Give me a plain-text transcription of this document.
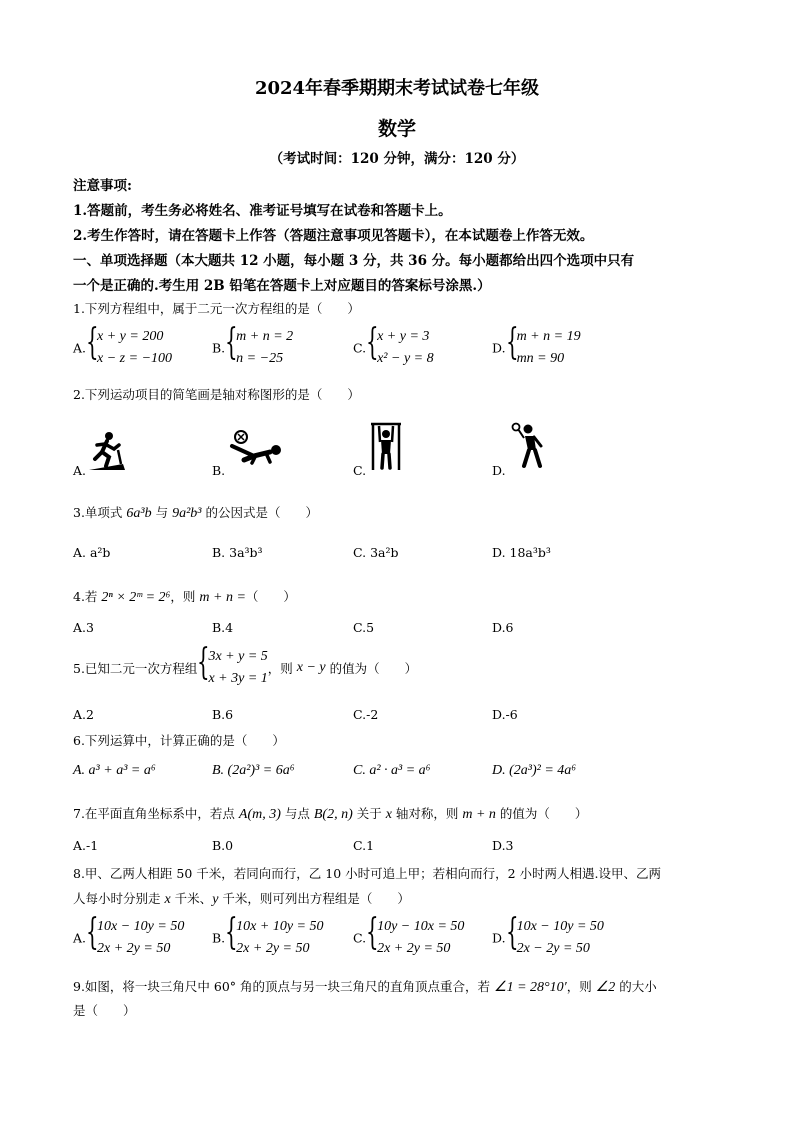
2024年春季期期末考试试卷七年级
数学
（考试时间：120 分钟，满分：120 分）
注意事项:
1.答题前，考生务必将姓名、准考证号填写在试卷和答题卡上。
2.考生作答时，请在答题卡上作答（答题注意事项见答题卡），在本试题卷上作答无效。
一、单项选择题（本大题共 12 小题，每小题 3 分，共 36 分。每小题都给出四个选项中只有
一个是正确的.考生用 2B 铅笔在答题卡上对应题目的答案标号涂黑.）
1.下列方程组中，属于二元一次方程组的是（　　）
A. {
x + y = 200
x − z = −100
B. {
m + n = 2
n = −25
C. {
x + y = 3
x² − y = 8
D. {
m + n = 19
mn = 90
2.下列运动项目的简笔画是轴对称图形的是（　　）
A.	B.	C.	D.
3.单项式 6a³b 与 9a²b³ 的公因式是（　　）
A. a²b	B. 3a³b³	C. 3a²b	D. 18a³b³
4.若 2ⁿ × 2ᵐ = 2⁶，则 m + n =（　　）
A.3	B.4	C.5	D.6
5.已知二元一次方程组 {
3x + y = 5
x + 3y = 1
，则 x − y 的值为（　　）
A.2	B.6	C.-2	D.-6
6.下列运算中，计算正确的是（　　）
A. a³ + a³ = a⁶	B. (2a²)³ = 6a⁶	C. a² · a³ = a⁶	D. (2a³)² = 4a⁶
7.在平面直角坐标系中，若点 A(m, 3) 与点 B(2, n) 关于 x 轴对称，则 m + n 的值为（　　）
A.-1	B.0	C.1	D.3
8.甲、乙两人相距 50 千米，若同向而行，乙 10 小时可追上甲；若相向而行，2 小时两人相遇.设甲、乙两
人每小时分别走 x 千米、y 千米，则可列出方程组是（　　）
A. {
10x − 10y = 50
2x + 2y = 50
B. {
10x + 10y = 50
2x + 2y = 50
C. {
10y − 10x = 50
2x + 2y = 50
D. {
10x − 10y = 50
2x − 2y = 50
9.如图，将一块三角尺中 60° 角的顶点与另一块三角尺的直角顶点重合，若 ∠1 = 28°10′，则 ∠2 的大小
是（　　）
